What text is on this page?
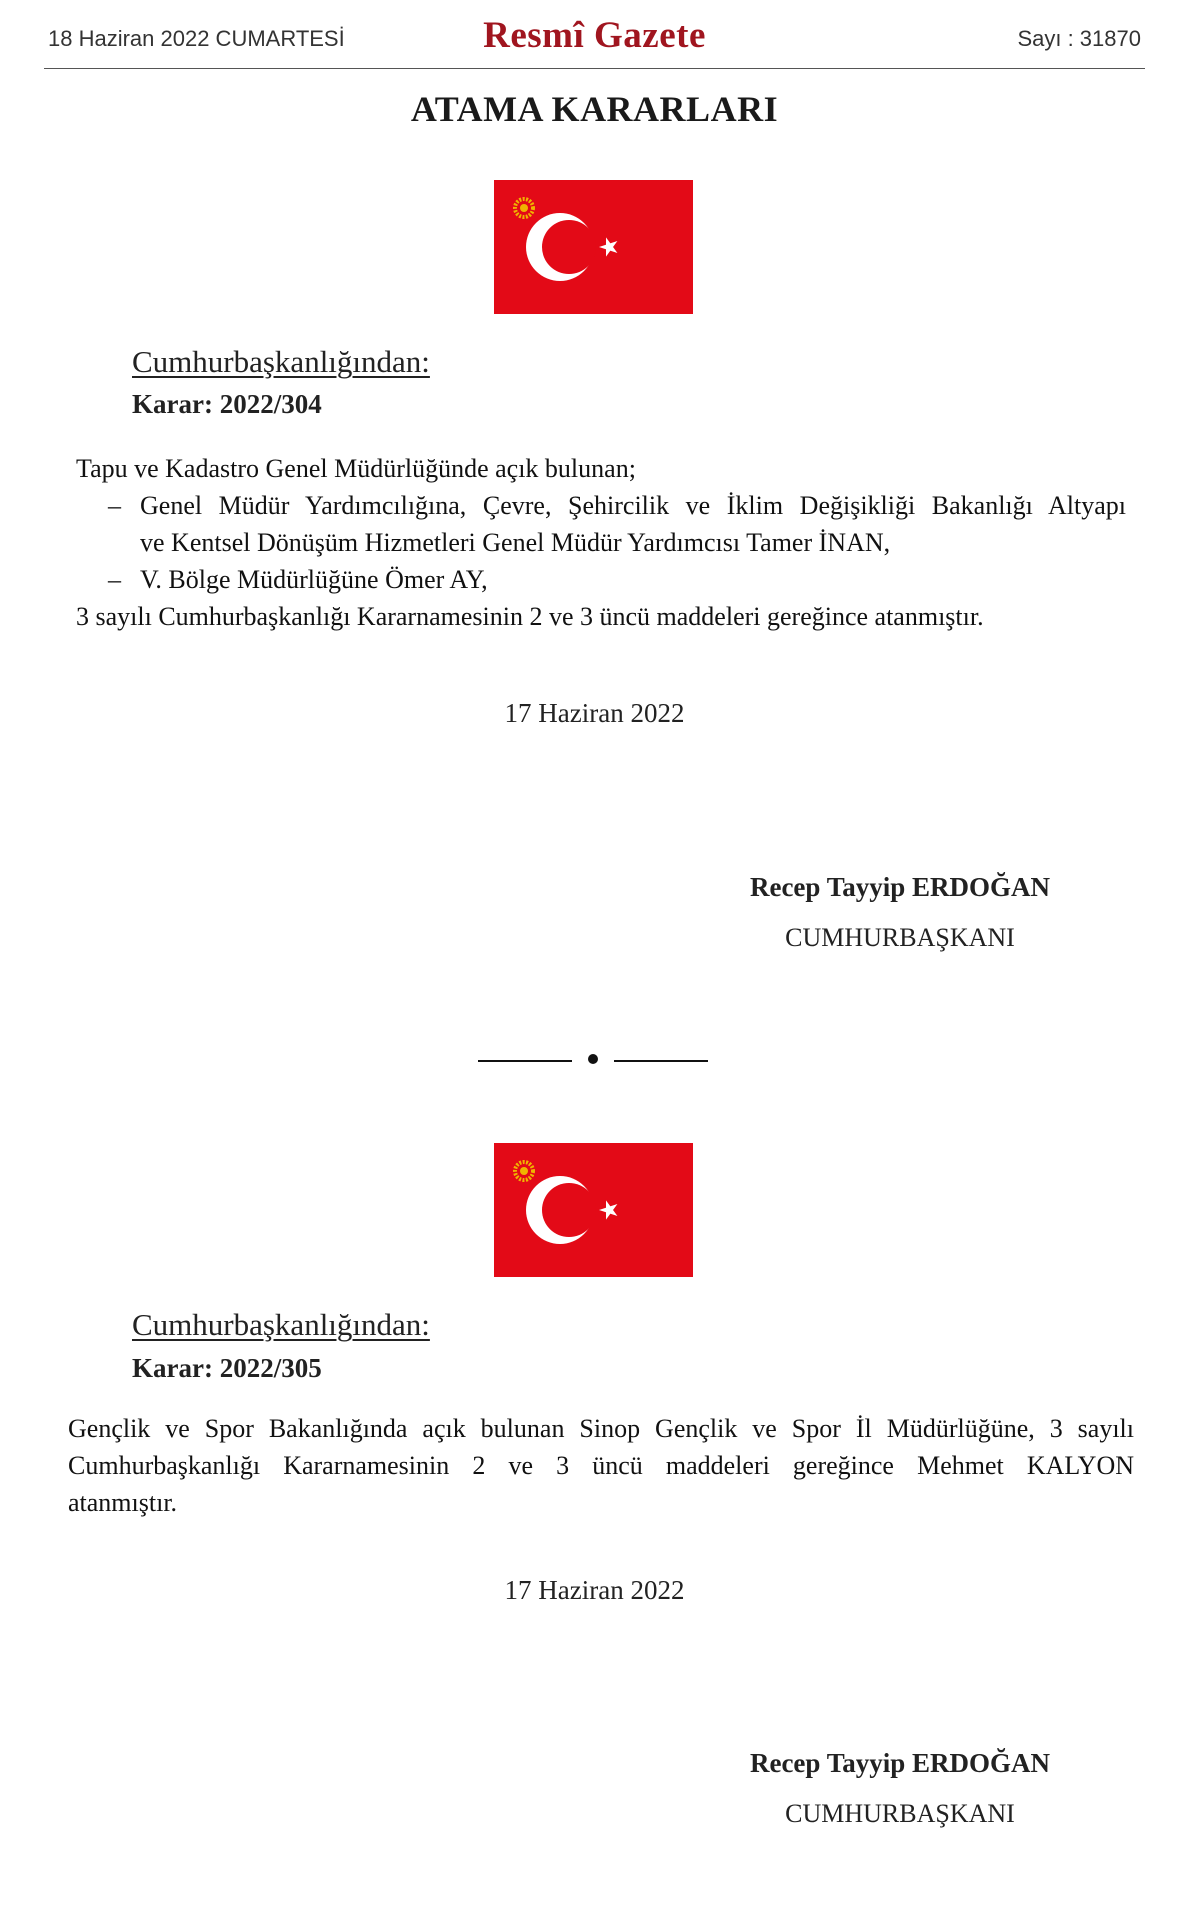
18 Haziran 2022 CUMARTESİ	Resmî Gazete	Sayı : 31870
ATAMA KARARLARI
Cumhurbaşkanlığından:
Karar: 2022/304
Tapu ve Kadastro Genel Müdürlüğünde açık bulunan;
– Genel Müdür Yardımcılığına, Çevre, Şehircilik ve İklim Değişikliği Bakanlığı Altyapı
ve Kentsel Dönüşüm Hizmetleri Genel Müdür Yardımcısı Tamer İNAN,
– V. Bölge Müdürlüğüne Ömer AY,
3 sayılı Cumhurbaşkanlığı Kararnamesinin 2 ve 3 üncü maddeleri gereğince atanmıştır.
17 Haziran 2022
Recep Tayyip ERDOĞAN
CUMHURBAŞKANI
Cumhurbaşkanlığından:
Karar: 2022/305
Gençlik ve Spor Bakanlığında açık bulunan Sinop Gençlik ve Spor İl Müdürlüğüne, 3 sayılı
Cumhurbaşkanlığı Kararnamesinin 2 ve 3 üncü maddeleri gereğince Mehmet KALYON
atanmıştır.
17 Haziran 2022
Recep Tayyip ERDOĞAN
CUMHURBAŞKANI
